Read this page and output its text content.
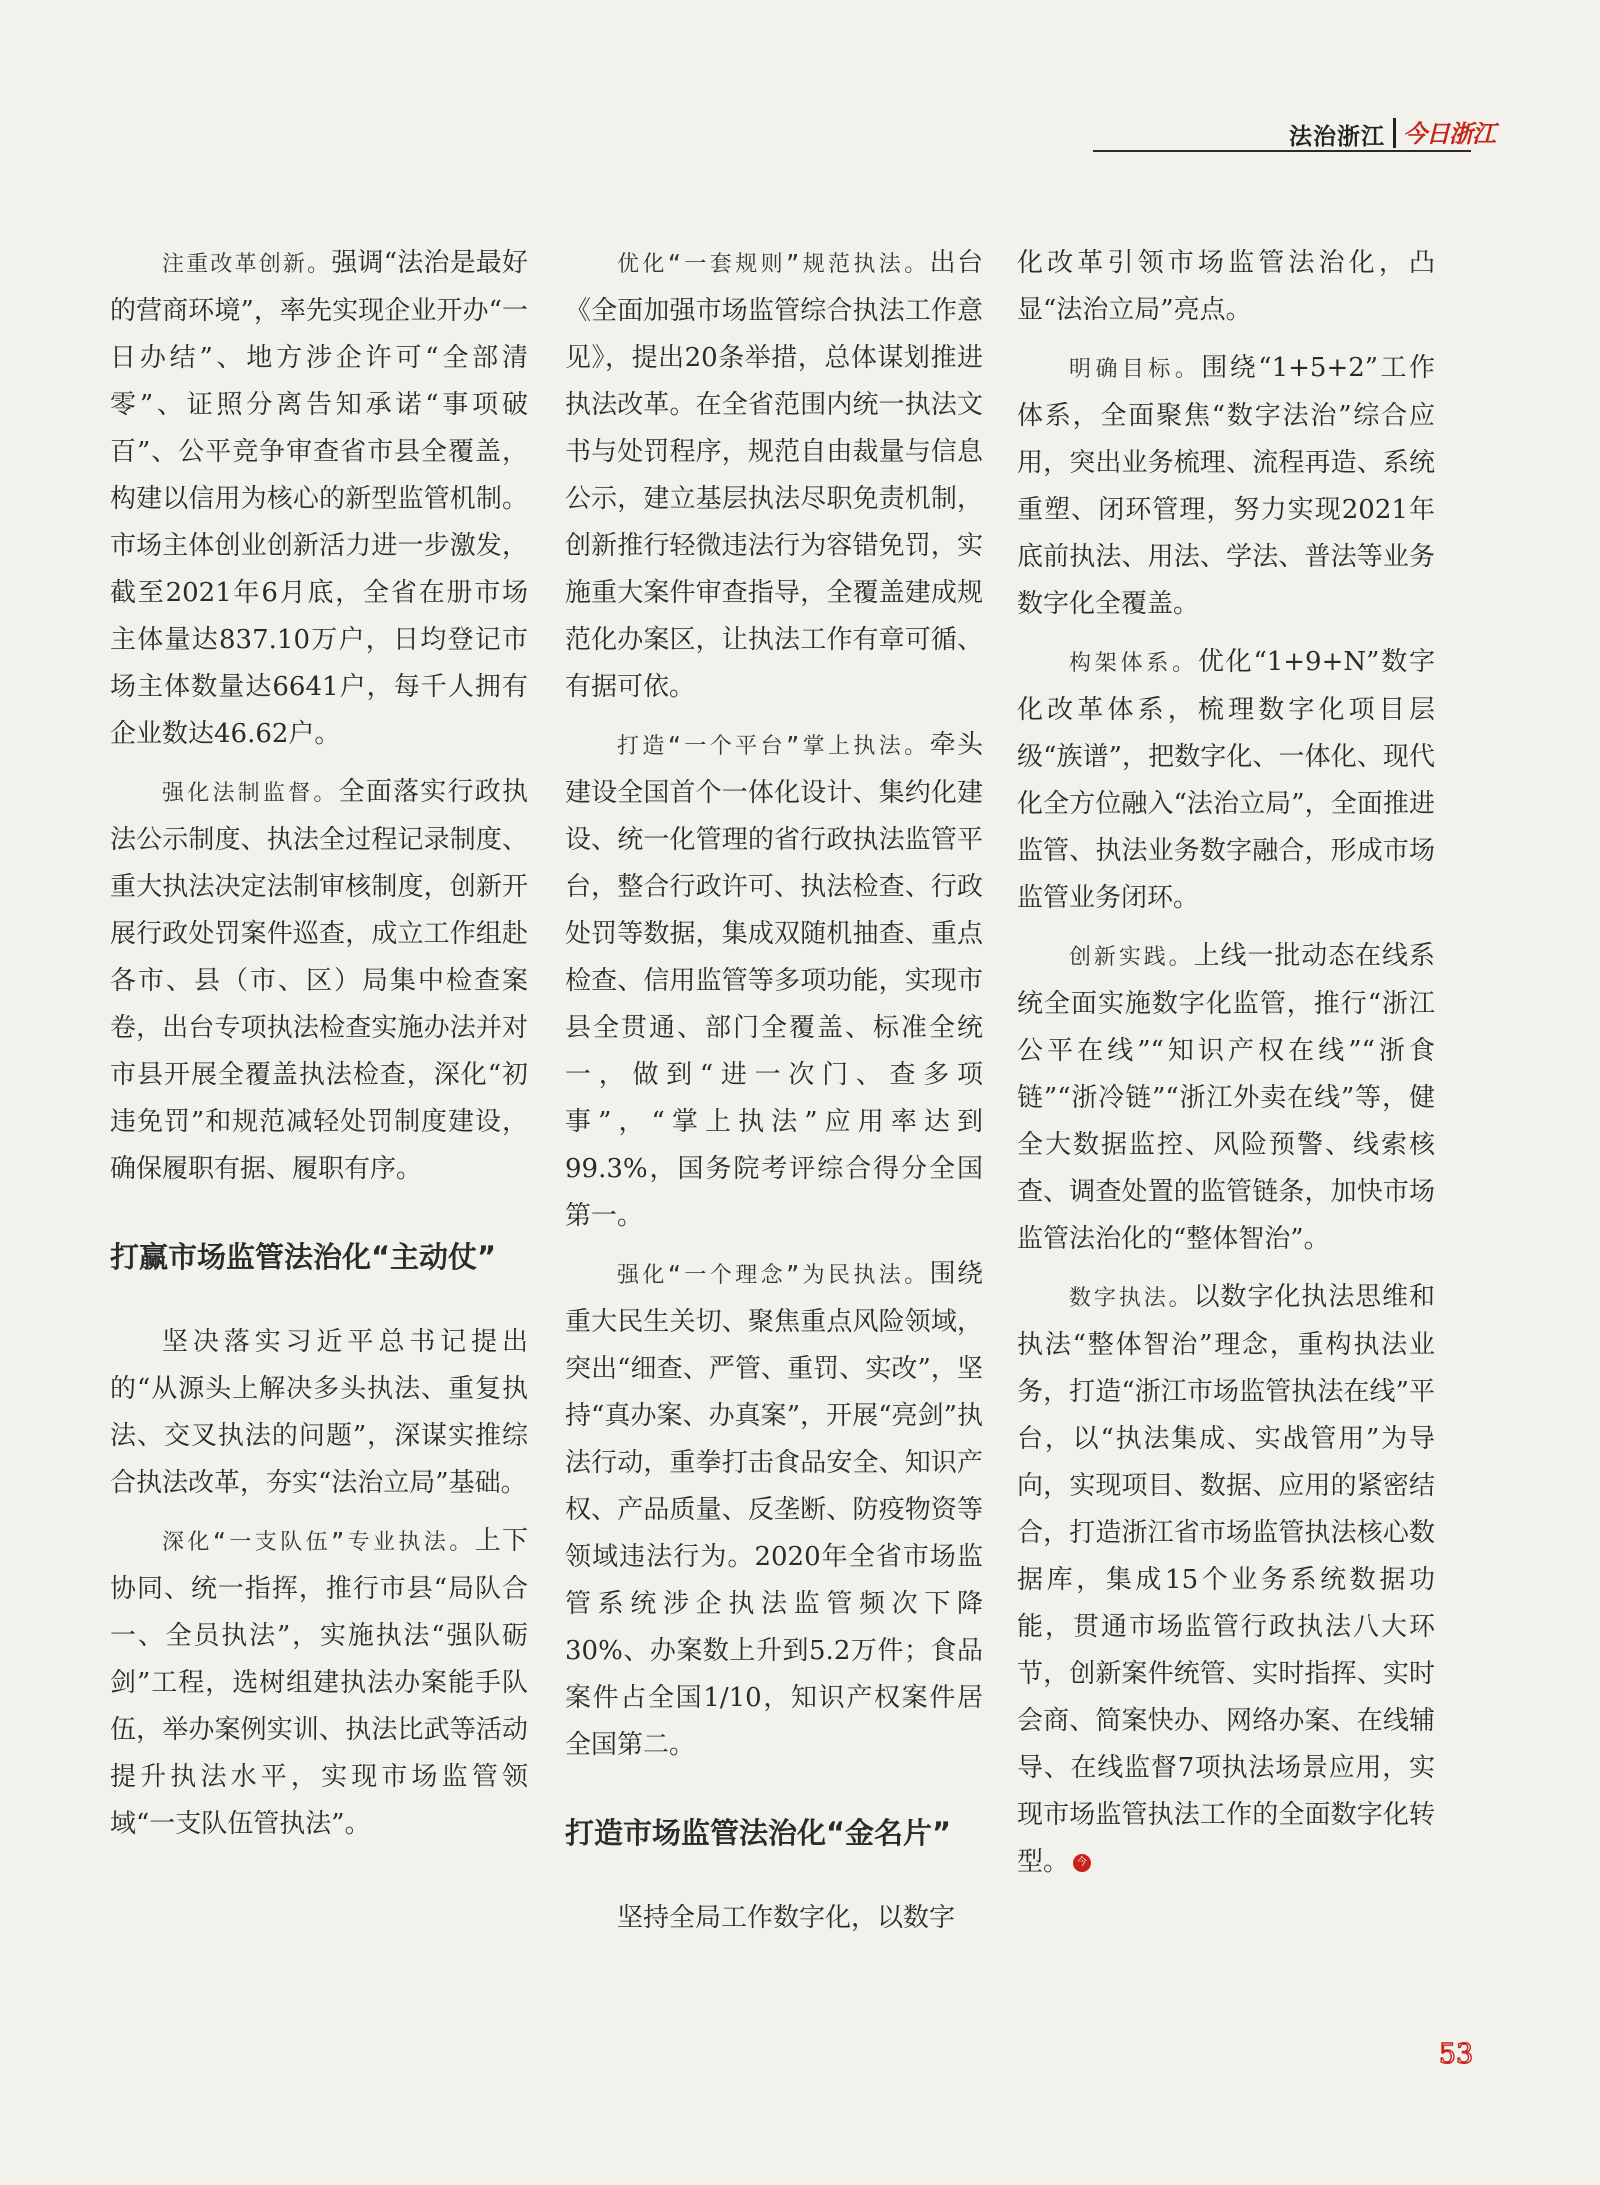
法治浙江 今日浙江

注重改革创新。强调“法治是最好的营商环境”，率先实现企业开办“一日办结”、地方涉企许可“全部清零”、证照分离告知承诺“事项破百”、公平竞争审查省市县全覆盖，构建以信用为核心的新型监管机制。市场主体创业创新活力进一步激发，截至2021年6月底，全省在册市场主体量达837.10万户，日均登记市场主体数量达6641户，每千人拥有企业数达46.62户。

强化法制监督。全面落实行政执法公示制度、执法全过程记录制度、重大执法决定法制审核制度，创新开展行政处罚案件巡查，成立工作组赴各市、县（市、区）局集中检查案卷，出台专项执法检查实施办法并对市县开展全覆盖执法检查，深化“初违免罚”和规范减轻处罚制度建设，确保履职有据、履职有序。

打赢市场监管法治化“主动仗”

坚决落实习近平总书记提出的“从源头上解决多头执法、重复执法、交叉执法的问题”，深谋实推综合执法改革，夯实“法治立局”基础。

深化“一支队伍”专业执法。上下协同、统一指挥，推行市县“局队合一、全员执法”，实施执法“强队砺剑”工程，选树组建执法办案能手队伍，举办案例实训、执法比武等活动提升执法水平，实现市场监管领域“一支队伍管执法”。

优化“一套规则”规范执法。出台《全面加强市场监管综合执法工作意见》，提出20条举措，总体谋划推进执法改革。在全省范围内统一执法文书与处罚程序，规范自由裁量与信息公示，建立基层执法尽职免责机制，创新推行轻微违法行为容错免罚，实施重大案件审查指导，全覆盖建成规范化办案区，让执法工作有章可循、有据可依。

打造“一个平台”掌上执法。牵头建设全国首个一体化设计、集约化建设、统一化管理的省行政执法监管平台，整合行政许可、执法检查、行政处罚等数据，集成双随机抽查、重点检查、信用监管等多项功能，实现市县全贯通、部门全覆盖、标准全统一，做到“进一次门、查多项事”，“掌上执法”应用率达到99.3%，国务院考评综合得分全国第一。

强化“一个理念”为民执法。围绕重大民生关切、聚焦重点风险领域，突出“细查、严管、重罚、实改”，坚持“真办案、办真案”，开展“亮剑”执法行动，重拳打击食品安全、知识产权、产品质量、反垄断、防疫物资等领域违法行为。2020年全省市场监管系统涉企执法监管频次下降30%、办案数上升到5.2万件；食品案件占全国1/10，知识产权案件居全国第二。

打造市场监管法治化“金名片”

坚持全局工作数字化，以数字

化改革引领市场监管法治化，凸显“法治立局”亮点。

明确目标。围绕“1+5+2”工作体系，全面聚焦“数字法治”综合应用，突出业务梳理、流程再造、系统重塑、闭环管理，努力实现2021年底前执法、用法、学法、普法等业务数字化全覆盖。

构架体系。优化“1+9+N”数字化改革体系，梳理数字化项目层级“族谱”，把数字化、一体化、现代化全方位融入“法治立局”，全面推进监管、执法业务数字融合，形成市场监管业务闭环。

创新实践。上线一批动态在线系统全面实施数字化监管，推行“浙江公平在线”“知识产权在线”“浙食链”“浙冷链”“浙江外卖在线”等，健全大数据监控、风险预警、线索核查、调查处置的监管链条，加快市场监管法治化的“整体智治”。

数字执法。以数字化执法思维和执法“整体智治”理念，重构执法业务，打造“浙江市场监管执法在线”平台，以“执法集成、实战管用”为导向，实现项目、数据、应用的紧密结合，打造浙江省市场监管执法核心数据库，集成15个业务系统数据功能，贯通市场监管行政执法八大环节，创新案件统管、实时指挥、实时会商、简案快办、网络办案、在线辅导、在线监督7项执法场景应用，实现市场监管执法工作的全面数字化转型。 今

53
